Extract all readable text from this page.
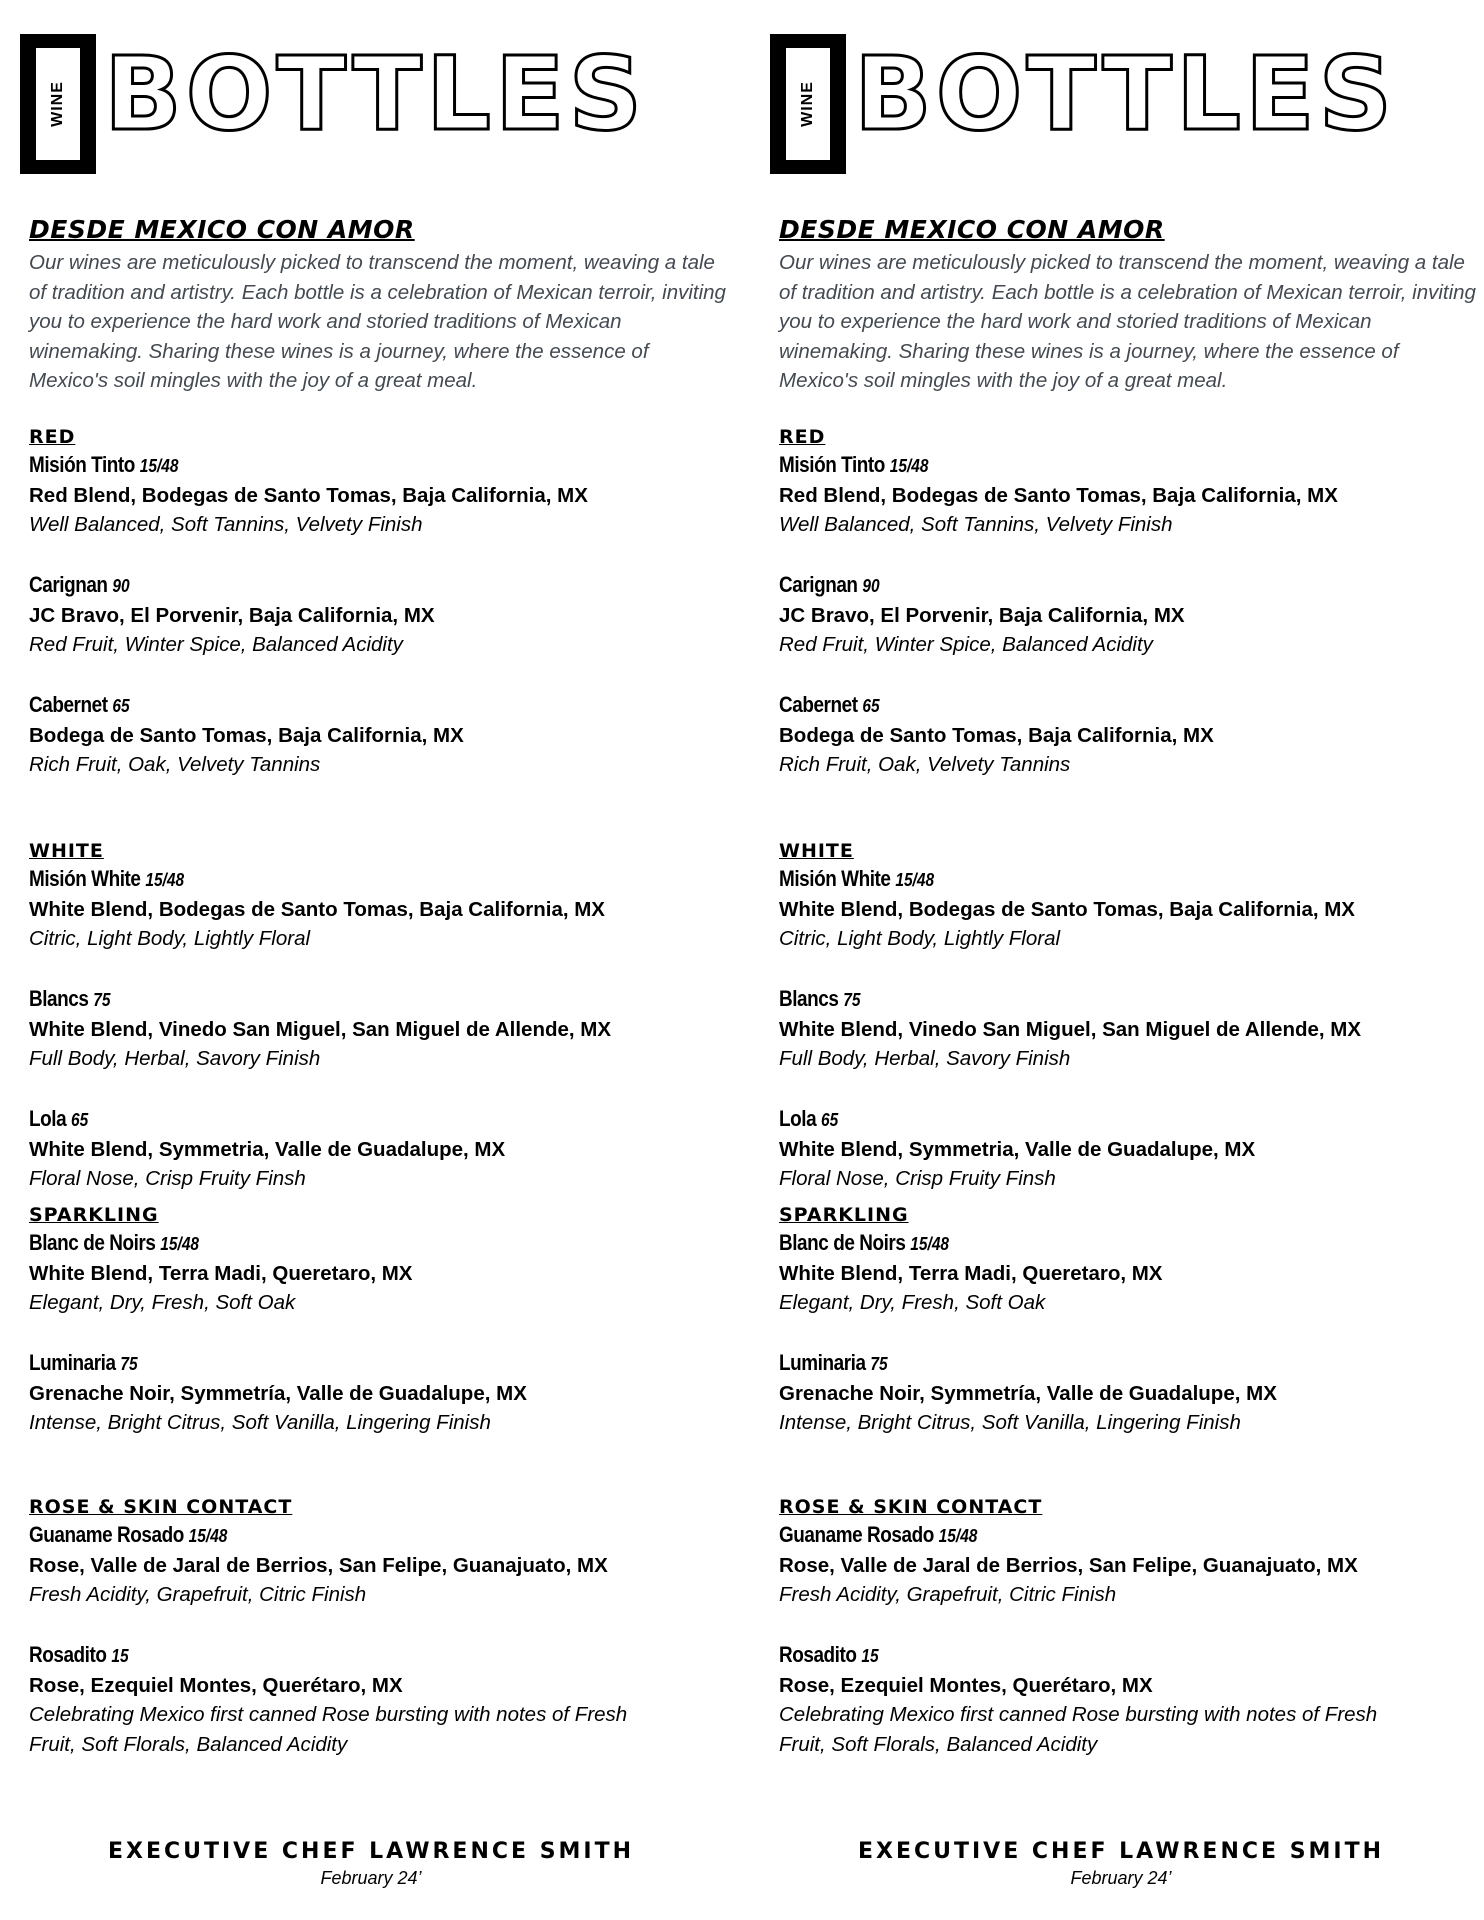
WINE BOTTLES
DESDE MEXICO CON AMOR

Our wines are meticulously picked to transcend the moment, weaving a tale of tradition and artistry. Each bottle is a celebration of Mexican terroir, inviting you to experience the hard work and storied traditions of Mexican winemaking. Sharing these wines is a journey, where the essence of Mexico's soil mingles with the joy of a great meal.

RED
Misión Tinto 15/48
Red Blend, Bodegas de Santo Tomas, Baja California, MX
Well Balanced, Soft Tannins, Velvety Finish
Carignan 90
JC Bravo, El Porvenir, Baja California, MX
Red Fruit, Winter Spice, Balanced Acidity
Cabernet 65
Bodega de Santo Tomas, Baja California, MX
Rich Fruit, Oak, Velvety Tannins
WHITE
Misión White 15/48
White Blend, Bodegas de Santo Tomas, Baja California, MX
Citric, Light Body, Lightly Floral
Blancs 75
White Blend, Vinedo San Miguel, San Miguel de Allende, MX
Full Body, Herbal, Savory Finish
Lola 65
White Blend, Symmetria, Valle de Guadalupe, MX
Floral Nose, Crisp Fruity Finsh
SPARKLING
Blanc de Noirs 15/48
White Blend, Terra Madi, Queretaro, MX
Elegant, Dry, Fresh, Soft Oak
Luminaria 75
Grenache Noir, Symmetría, Valle de Guadalupe, MX
Intense, Bright Citrus, Soft Vanilla, Lingering Finish
ROSE & SKIN CONTACT
Guaname Rosado 15/48
Rose, Valle de Jaral de Berrios, San Felipe, Guanajuato, MX
Fresh Acidity, Grapefruit, Citric Finish
Rosadito 15
Rose, Ezequiel Montes, Querétaro, MX
Celebrating Mexico first canned Rose bursting with notes of Fresh Fruit, Soft Florals, Balanced Acidity
EXECUTIVE CHEF LAWRENCE SMITH
February 24’
WINE BOTTLES
DESDE MEXICO CON AMOR

Our wines are meticulously picked to transcend the moment, weaving a tale of tradition and artistry. Each bottle is a celebration of Mexican terroir, inviting you to experience the hard work and storied traditions of Mexican winemaking. Sharing these wines is a journey, where the essence of Mexico's soil mingles with the joy of a great meal.

RED
Misión Tinto 15/48
Red Blend, Bodegas de Santo Tomas, Baja California, MX
Well Balanced, Soft Tannins, Velvety Finish
Carignan 90
JC Bravo, El Porvenir, Baja California, MX
Red Fruit, Winter Spice, Balanced Acidity
Cabernet 65
Bodega de Santo Tomas, Baja California, MX
Rich Fruit, Oak, Velvety Tannins
WHITE
Misión White 15/48
White Blend, Bodegas de Santo Tomas, Baja California, MX
Citric, Light Body, Lightly Floral
Blancs 75
White Blend, Vinedo San Miguel, San Miguel de Allende, MX
Full Body, Herbal, Savory Finish
Lola 65
White Blend, Symmetria, Valle de Guadalupe, MX
Floral Nose, Crisp Fruity Finsh
SPARKLING
Blanc de Noirs 15/48
White Blend, Terra Madi, Queretaro, MX
Elegant, Dry, Fresh, Soft Oak
Luminaria 75
Grenache Noir, Symmetría, Valle de Guadalupe, MX
Intense, Bright Citrus, Soft Vanilla, Lingering Finish
ROSE & SKIN CONTACT
Guaname Rosado 15/48
Rose, Valle de Jaral de Berrios, San Felipe, Guanajuato, MX
Fresh Acidity, Grapefruit, Citric Finish
Rosadito 15
Rose, Ezequiel Montes, Querétaro, MX
Celebrating Mexico first canned Rose bursting with notes of Fresh Fruit, Soft Florals, Balanced Acidity
EXECUTIVE CHEF LAWRENCE SMITH
February 24’
